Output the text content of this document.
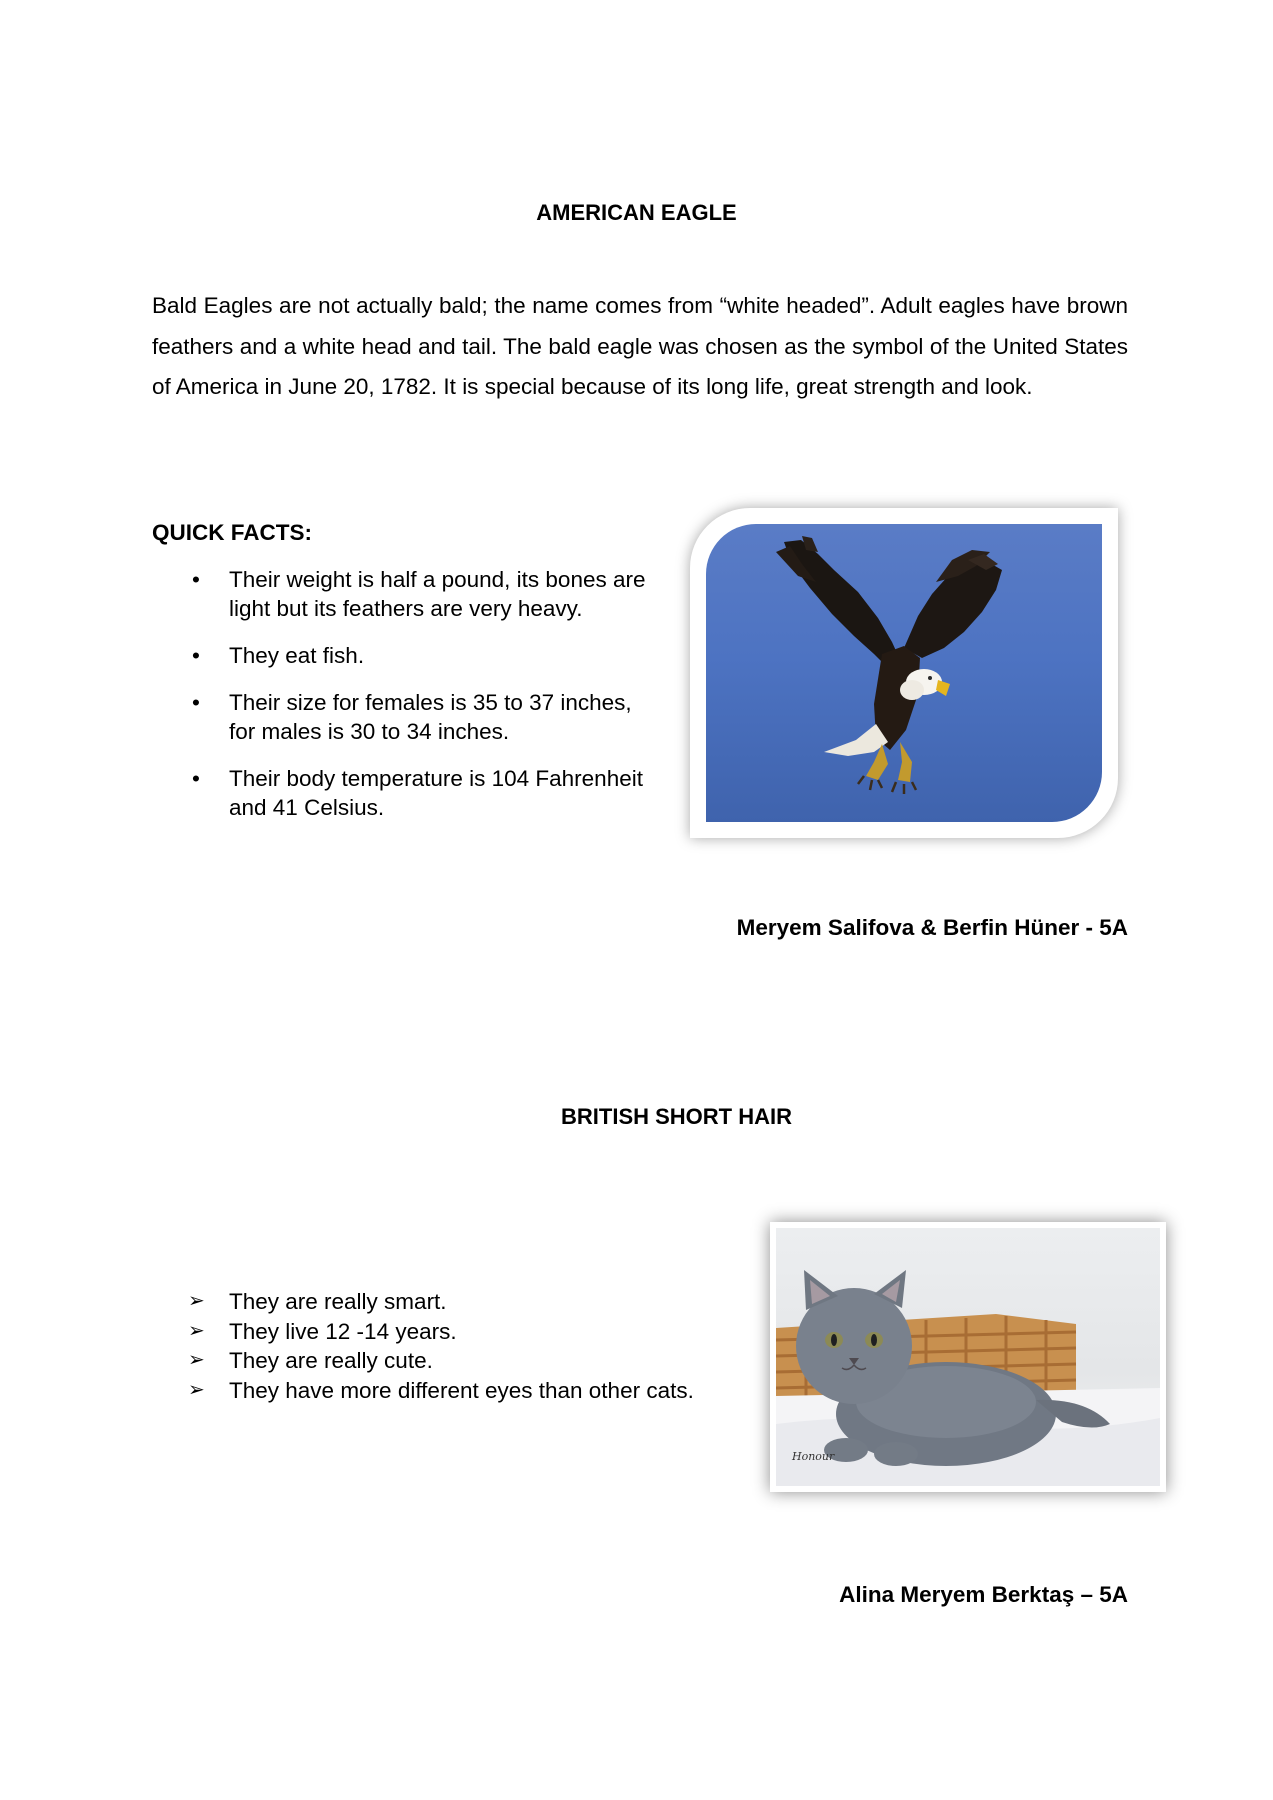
AMERICAN EAGLE
Bald Eagles are not actually bald; the name comes from “white headed”. Adult eagles have brown feathers and a white head and tail. The bald eagle was chosen as the symbol of the United States of America in June 20, 1782. It is special because of its long life, great strength and look.
QUICK FACTS:
• Their weight is half a pound, its bones are light but its feathers are very heavy.
• They eat fish.
• Their size for females is 35 to 37 inches, for males is 30 to 34 inches.
• Their body temperature is 104 Fahrenheit and 41 Celsius.
Meryem Salifova & Berfin Hüner - 5A
BRITISH SHORT HAIR
➢ They are really smart.
➢ They live 12 -14 years.
➢ They are really cute.
➢ They have more different eyes than other cats.
Honour
Alina Meryem Berktaş – 5A
